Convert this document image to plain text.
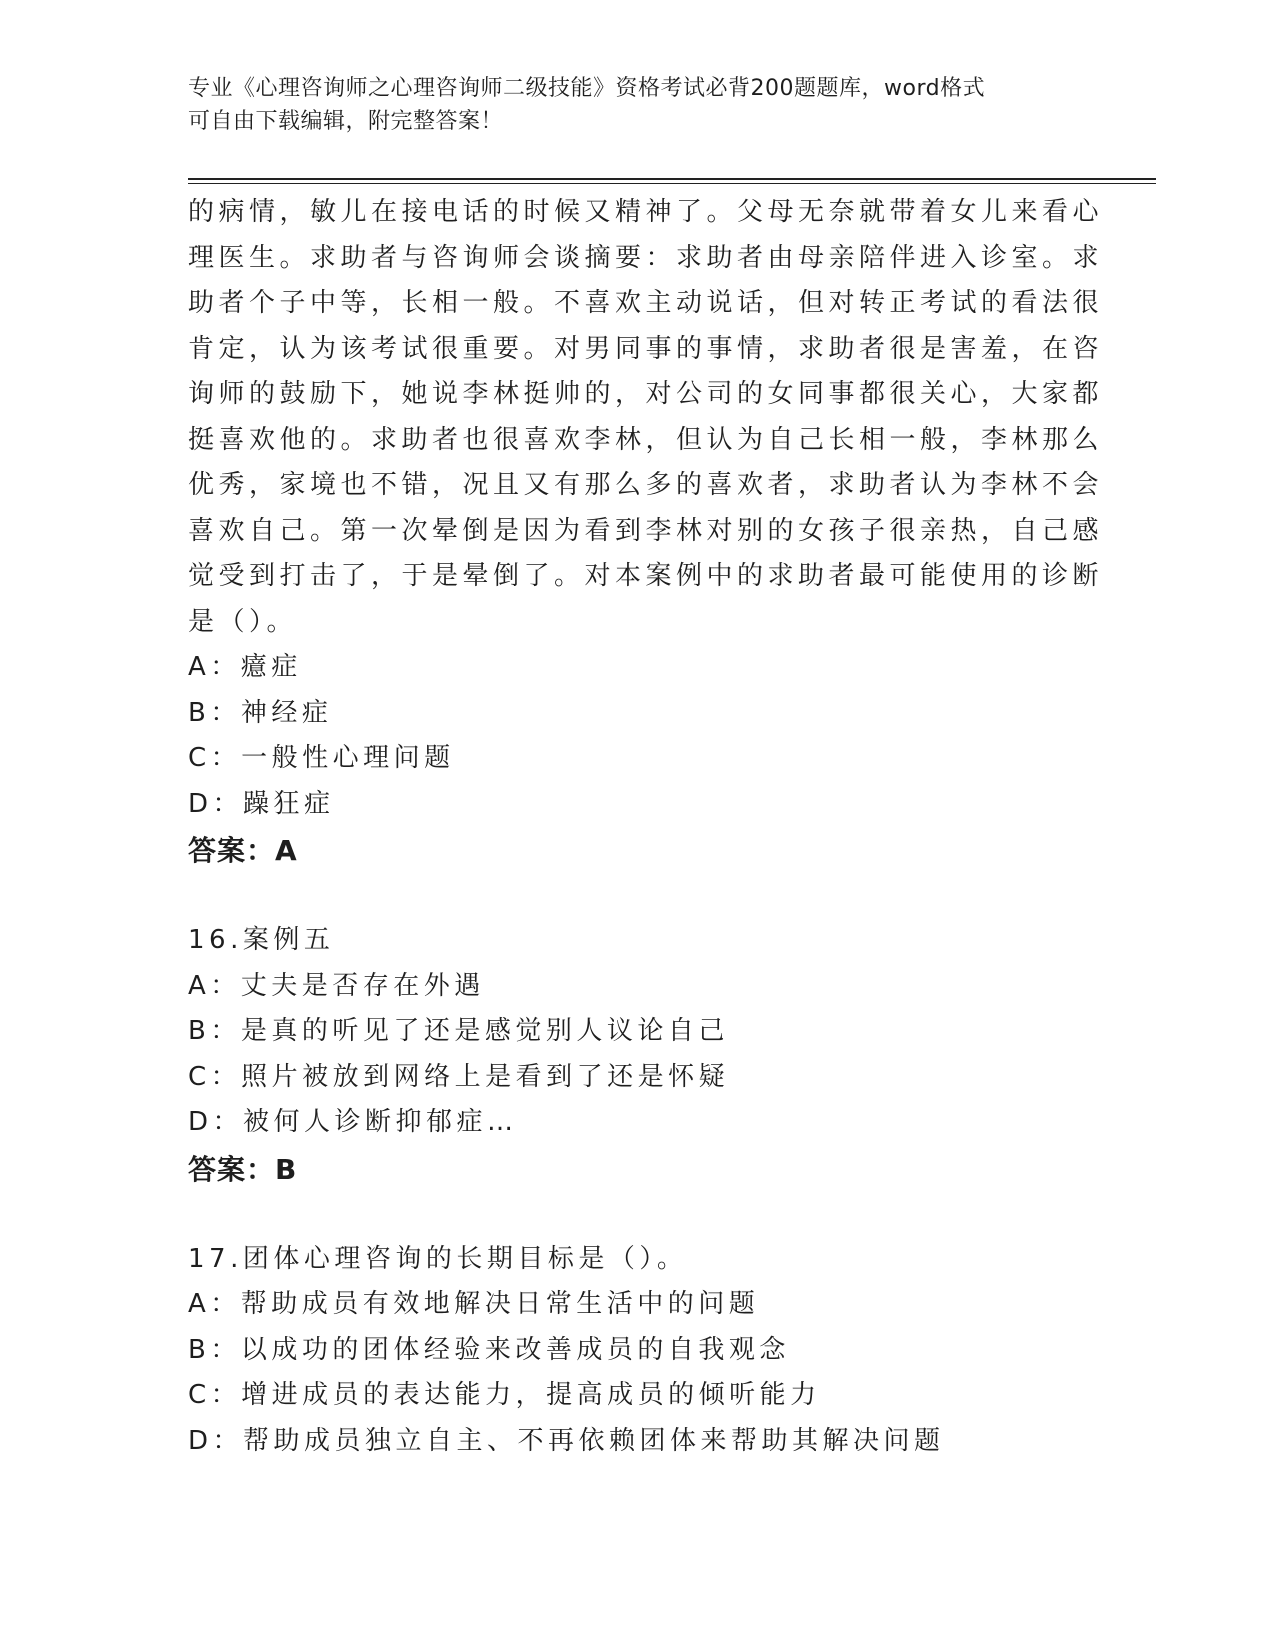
专业《心理咨询师之心理咨询师二级技能》资格考试必背200题题库，word格式
可自由下载编辑，附完整答案！
的病情，敏儿在接电话的时候又精神了。父母无奈就带着女儿来看心
理医生。求助者与咨询师会谈摘要：求助者由母亲陪伴进入诊室。求
助者个子中等，长相一般。不喜欢主动说话，但对转正考试的看法很
肯定，认为该考试很重要。对男同事的事情，求助者很是害羞，在咨
询师的鼓励下，她说李林挺帅的，对公司的女同事都很关心，大家都
挺喜欢他的。求助者也很喜欢李林，但认为自己长相一般，李林那么
优秀，家境也不错，况且又有那么多的喜欢者，求助者认为李林不会
喜欢自己。第一次晕倒是因为看到李林对别的女孩子很亲热，自己感
觉受到打击了，于是晕倒了。对本案例中的求助者最可能使用的诊断
是（）。
A：癔症
B：神经症
C：一般性心理问题
D：躁狂症
答案：A
16.案例五
A：丈夫是否存在外遇
B：是真的听见了还是感觉别人议论自己
C：照片被放到网络上是看到了还是怀疑
D：被何人诊断抑郁症…
答案：B
17.团体心理咨询的长期目标是（）。
A：帮助成员有效地解决日常生活中的问题
B：以成功的团体经验来改善成员的自我观念
C：增进成员的表达能力，提高成员的倾听能力
D：帮助成员独立自主、不再依赖团体来帮助其解决问题
